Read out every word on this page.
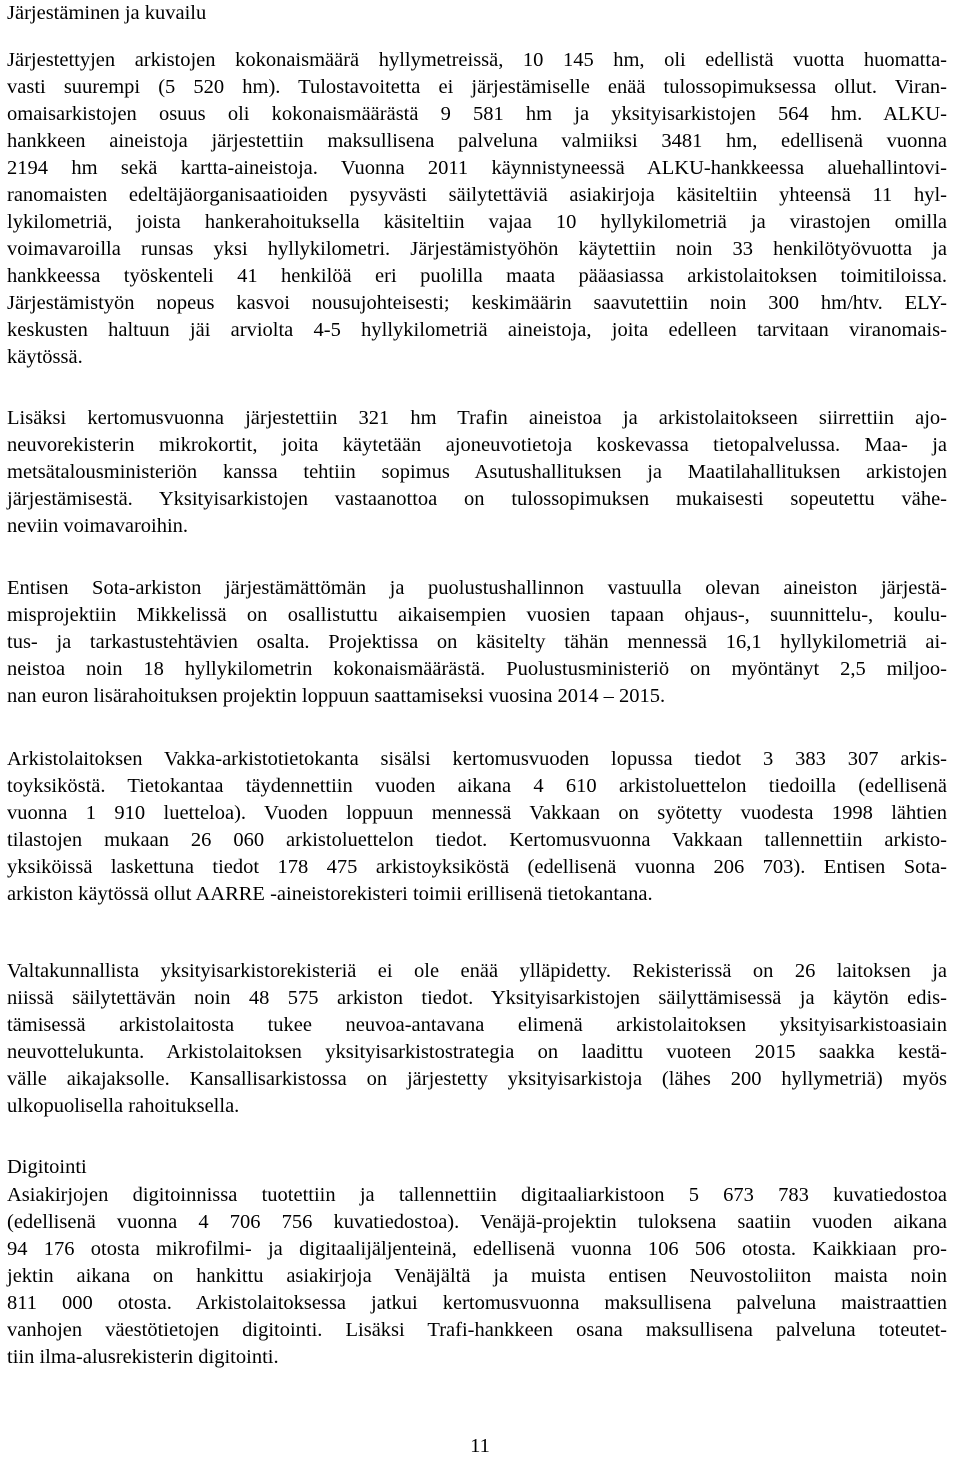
Järjestäminen ja kuvailu
Järjestettyjen arkistojen kokonaismäärä hyllymetreissä, 10 145 hm, oli edellistä vuotta huomatta-
vasti suurempi (5 520 hm). Tulostavoitetta ei järjestämiselle enää tulossopimuksessa ollut. Viran-
omaisarkistojen osuus oli kokonaismäärästä 9 581 hm ja yksityisarkistojen 564 hm. ALKU-
hankkeen aineistoja järjestettiin maksullisena palveluna valmiiksi 3481 hm, edellisenä vuonna
2194 hm sekä kartta-aineistoja. Vuonna 2011 käynnistyneessä ALKU-hankkeessa aluehallintovi-
ranomaisten edeltäjäorganisaatioiden pysyvästi säilytettäviä asiakirjoja käsiteltiin yhteensä 11 hyl-
lykilometriä, joista hankerahoituksella käsiteltiin vajaa 10 hyllykilometriä ja virastojen omilla
voimavaroilla runsas yksi hyllykilometri. Järjestämistyöhön käytettiin noin 33 henkilötyövuotta ja
hankkeessa työskenteli 41 henkilöä eri puolilla maata pääasiassa arkistolaitoksen toimitiloissa.
Järjestämistyön nopeus kasvoi nousujohteisesti; keskimäärin saavutettiin noin 300 hm/htv. ELY-
keskusten haltuun jäi arviolta 4-5 hyllykilometriä aineistoja, joita edelleen tarvitaan viranomais-
käytössä.
Lisäksi kertomusvuonna järjestettiin 321 hm Trafin aineistoa ja arkistolaitokseen siirrettiin ajo-
neuvorekisterin mikrokortit, joita käytetään ajoneuvotietoja koskevassa tietopalvelussa. Maa- ja
metsätalousministeriön kanssa tehtiin sopimus Asutushallituksen ja Maatilahallituksen arkistojen
järjestämisestä. Yksityisarkistojen vastaanottoa on tulossopimuksen mukaisesti sopeutettu vähe-
neviin voimavaroihin.
Entisen Sota-arkiston järjestämättömän ja puolustushallinnon vastuulla olevan aineiston järjestä-
misprojektiin Mikkelissä on osallistuttu aikaisempien vuosien tapaan ohjaus-, suunnittelu-, koulu-
tus- ja tarkastustehtävien osalta. Projektissa on käsitelty tähän mennessä 16,1 hyllykilometriä ai-
neistoa noin 18 hyllykilometrin kokonaismäärästä. Puolustusministeriö on myöntänyt 2,5 miljoo-
nan euron lisärahoituksen projektin loppuun saattamiseksi vuosina 2014 – 2015.
Arkistolaitoksen Vakka-arkistotietokanta sisälsi kertomusvuoden lopussa tiedot 3 383 307 arkis-
toyksiköstä. Tietokantaa täydennettiin vuoden aikana 4 610 arkistoluettelon tiedoilla (edellisenä
vuonna 1 910 luetteloa). Vuoden loppuun mennessä Vakkaan on syötetty vuodesta 1998 lähtien
tilastojen mukaan 26 060 arkistoluettelon tiedot. Kertomusvuonna Vakkaan tallennettiin arkisto-
yksiköissä laskettuna tiedot 178 475 arkistoyksiköstä (edellisenä vuonna 206 703). Entisen Sota-
arkiston käytössä ollut AARRE -aineistorekisteri toimii erillisenä tietokantana.
Valtakunnallista yksityisarkistorekisteriä ei ole enää ylläpidetty. Rekisterissä on 26 laitoksen ja
niissä säilytettävän noin 48 575 arkiston tiedot. Yksityisarkistojen säilyttämisessä ja käytön edis-
tämisessä arkistolaitosta tukee neuvoa-antavana elimenä arkistolaitoksen yksityisarkistoasiain
neuvottelukunta. Arkistolaitoksen yksityisarkistostrategia on laadittu vuoteen 2015 saakka kestä-
välle aikajaksolle. Kansallisarkistossa on järjestetty yksityisarkistoja (lähes 200 hyllymetriä) myös
ulkopuolisella rahoituksella.
Digitointi
Asiakirjojen digitoinnissa tuotettiin ja tallennettiin digitaaliarkistoon 5 673 783 kuvatiedostoa
(edellisenä vuonna 4 706 756 kuvatiedostoa). Venäjä-projektin tuloksena saatiin vuoden aikana
94 176 otosta mikrofilmi- ja digitaalijäljenteinä, edellisenä vuonna 106 506 otosta. Kaikkiaan pro-
jektin aikana on hankittu asiakirjoja Venäjältä ja muista entisen Neuvostoliiton maista noin
811 000 otosta. Arkistolaitoksessa jatkui kertomusvuonna maksullisena palveluna maistraattien
vanhojen väestötietojen digitointi. Lisäksi Trafi-hankkeen osana maksullisena palveluna toteutet-
tiin ilma-alusrekisterin digitointi.
11
